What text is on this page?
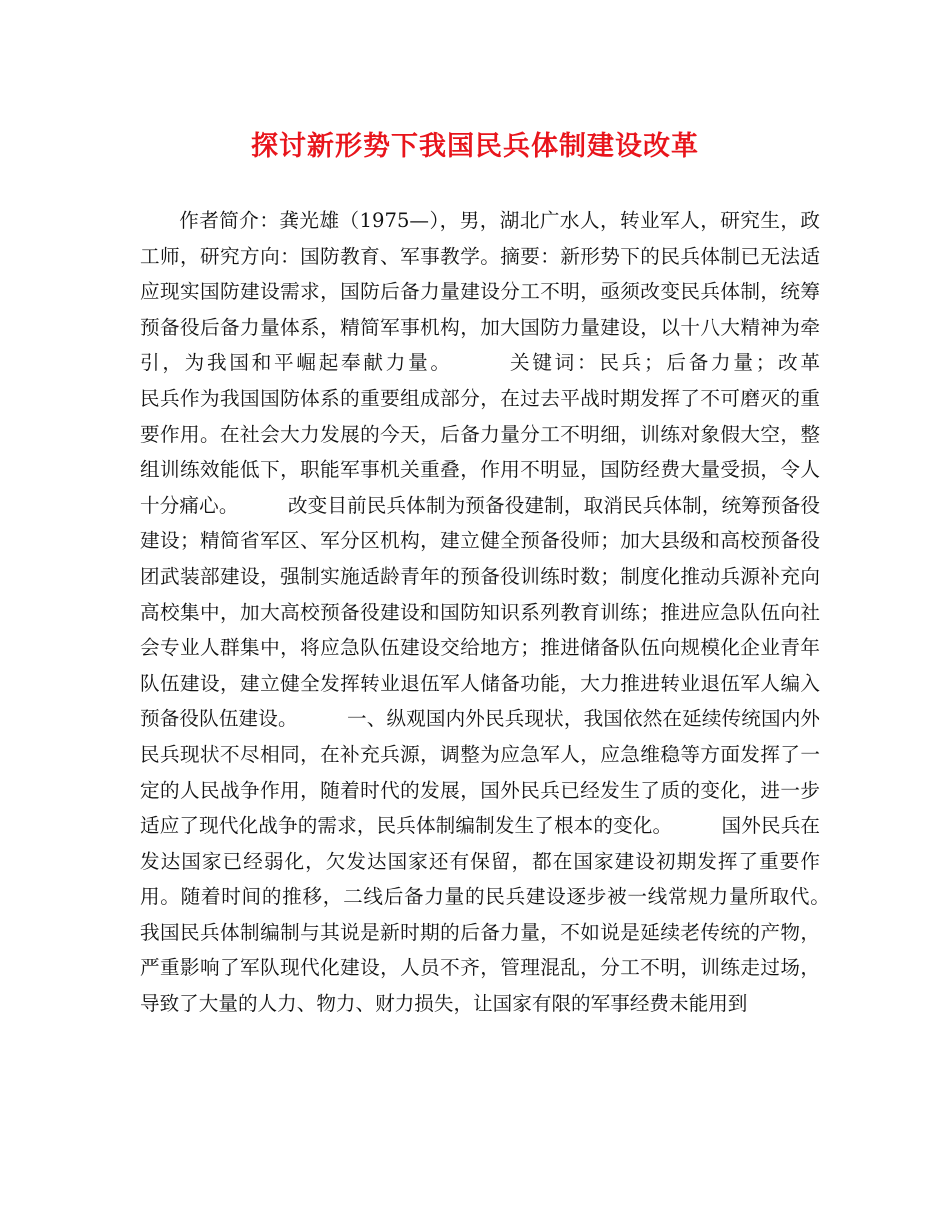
探讨新形势下我国民兵体制建设改革

作者简介：龚光雄（1975—），男，湖北广水人，转业军人，研究生，政工师，研究方向：国防教育、军事教学。摘要：新形势下的民兵体制已无法适应现实国防建设需求，国防后备力量建设分工不明，亟须改变民兵体制，统筹预备役后备力量体系，精简军事机构，加大国防力量建设，以十八大精神为牵引，为我国和平崛起奉献力量。　　　关键词：民兵；后备力量；改革　　　　　民兵作为我国国防体系的重要组成部分，在过去平战时期发挥了不可磨灭的重要作用。在社会大力发展的今天，后备力量分工不明细，训练对象假大空，整组训练效能低下，职能军事机关重叠，作用不明显，国防经费大量受损，令人十分痛心。　　　改变目前民兵体制为预备役建制，取消民兵体制，统筹预备役建设；精简省军区、军分区机构，建立健全预备役师；加大县级和高校预备役团武装部建设，强制实施适龄青年的预备役训练时数；制度化推动兵源补充向高校集中，加大高校预备役建设和国防知识系列教育训练；推进应急队伍向社会专业人群集中，将应急队伍建设交给地方；推进储备队伍向规模化企业青年队伍建设，建立健全发挥转业退伍军人储备功能，大力推进转业退伍军人编入预备役队伍建设。　　　一、纵观国内外民兵现状，我国依然在延续传统国内外民兵现状不尽相同，在补充兵源，调整为应急军人，应急维稳等方面发挥了一定的人民战争作用，随着时代的发展，国外民兵已经发生了质的变化，进一步适应了现代化战争的需求，民兵体制编制发生了根本的变化。　　　国外民兵在发达国家已经弱化，欠发达国家还有保留，都在国家建设初期发挥了重要作用。随着时间的推移，二线后备力量的民兵建设逐步被一线常规力量所取代。　　　我国民兵体制编制与其说是新时期的后备力量，不如说是延续老传统的产物，严重影响了军队现代化建设，人员不齐，管理混乱，分工不明，训练走过场，导致了大量的人力、物力、财力损失，让国家有限的军事经费未能用到
